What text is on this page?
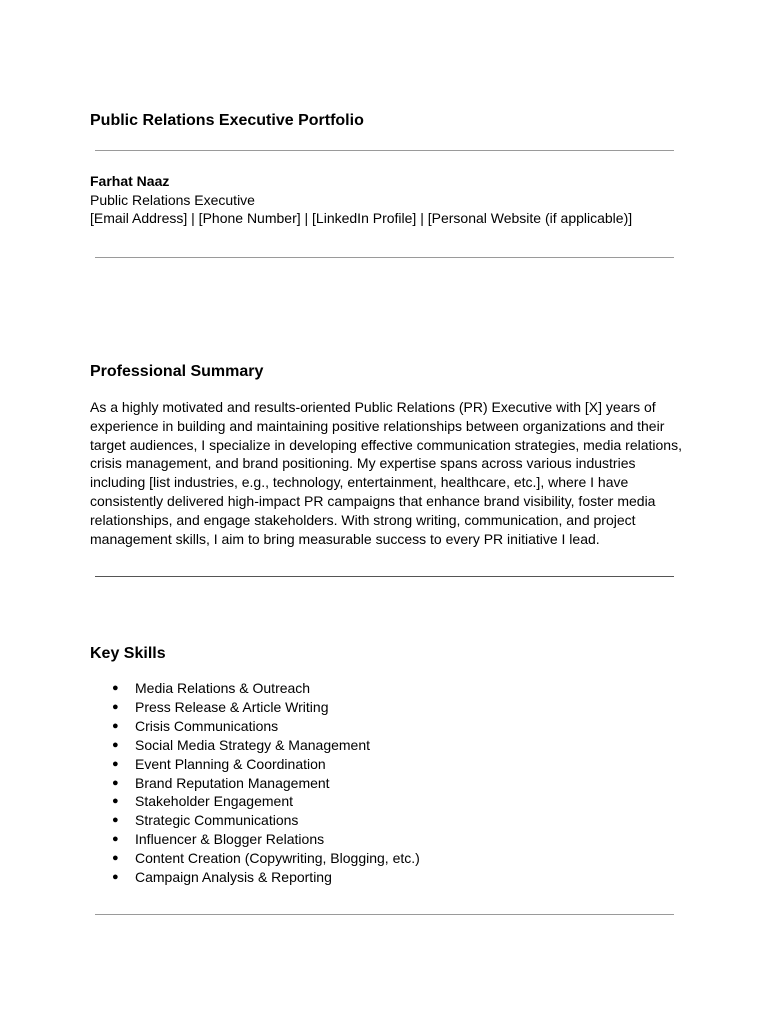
Public Relations Executive Portfolio
Farhat Naaz
Public Relations Executive
[Email Address] | [Phone Number] | [LinkedIn Profile] | [Personal Website (if applicable)]
Professional Summary
As a highly motivated and results-oriented Public Relations (PR) Executive with [X] years of
experience in building and maintaining positive relationships between organizations and their
target audiences, I specialize in developing effective communication strategies, media relations,
crisis management, and brand positioning. My expertise spans across various industries
including [list industries, e.g., technology, entertainment, healthcare, etc.], where I have
consistently delivered high-impact PR campaigns that enhance brand visibility, foster media
relationships, and engage stakeholders. With strong writing, communication, and project
management skills, I aim to bring measurable success to every PR initiative I lead.
Key Skills
● Media Relations & Outreach
● Press Release & Article Writing
● Crisis Communications
● Social Media Strategy & Management
● Event Planning & Coordination
● Brand Reputation Management
● Stakeholder Engagement
● Strategic Communications
● Influencer & Blogger Relations
● Content Creation (Copywriting, Blogging, etc.)
● Campaign Analysis & Reporting
